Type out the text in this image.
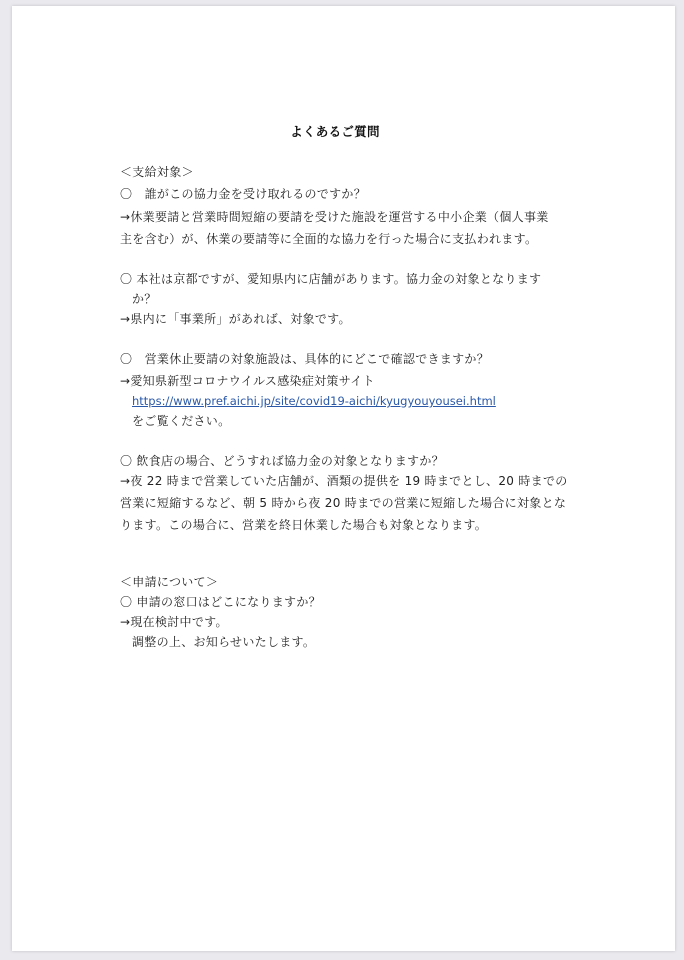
よくあるご質問
＜支給対象＞
〇　誰がこの協力金を受け取れるのですか？
→休業要請と営業時間短縮の要請を受けた施設を運営する中小企業（個人事業
主を含む）が、休業の要請等に全面的な協力を行った場合に支払われます。
〇 本社は京都ですが、愛知県内に店舗があります。協力金の対象となります
か？
→県内に「事業所」があれば、対象です。
〇　営業休止要請の対象施設は、具体的にどこで確認できますか？
→愛知県新型コロナウイルス感染症対策サイト
https://www.pref.aichi.jp/site/covid19-aichi/kyugyouyousei.html
をご覧ください。
〇 飲食店の場合、どうすれば協力金の対象となりますか？
→夜 22 時まで営業していた店舗が、酒類の提供を 19 時までとし、20 時までの
営業に短縮するなど、朝 5 時から夜 20 時までの営業に短縮した場合に対象とな
ります。この場合に、営業を終日休業した場合も対象となります。
＜申請について＞
〇 申請の窓口はどこになりますか？
→現在検討中です。
調整の上、お知らせいたします。
